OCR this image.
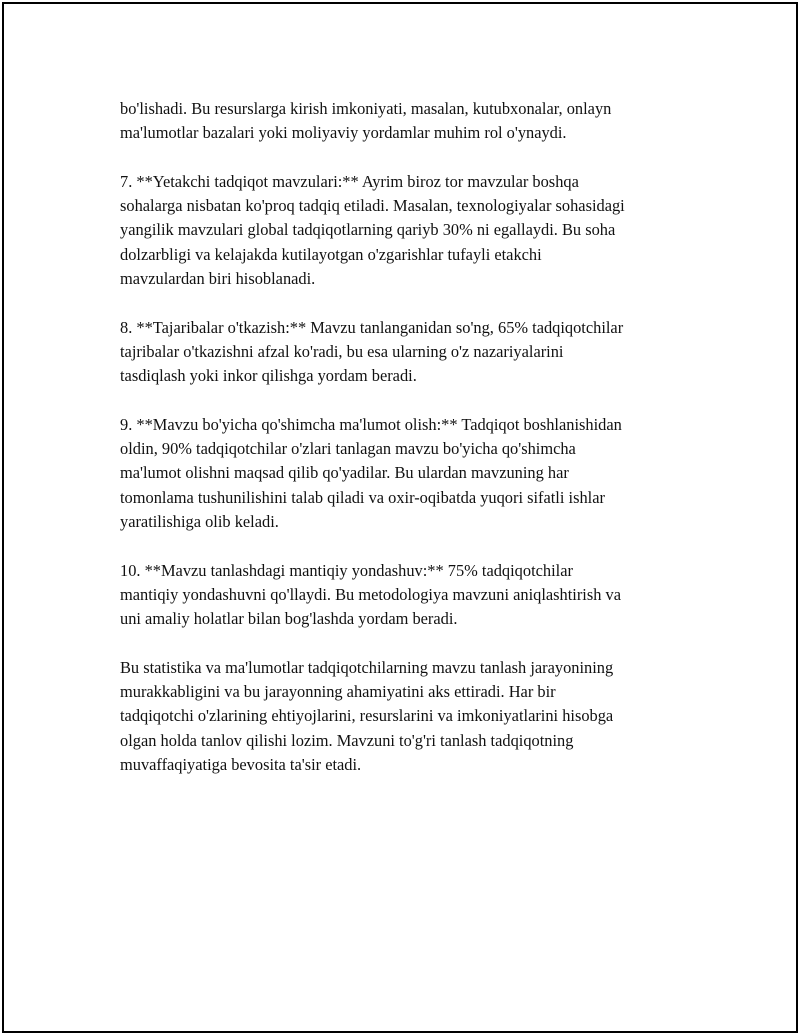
bo'lishadi. Bu resurslarga kirish imkoniyati, masalan, kutubxonalar, onlayn
ma'lumotlar bazalari yoki moliyaviy yordamlar muhim rol o'ynaydi.

7. **Yetakchi tadqiqot mavzulari:** Ayrim biroz tor mavzular boshqa
sohalarga nisbatan ko'proq tadqiq etiladi. Masalan, texnologiyalar sohasidagi
yangilik mavzulari global tadqiqotlarning qariyb 30% ni egallaydi. Bu soha
dolzarbligi va kelajakda kutilayotgan o'zgarishlar tufayli etakchi
mavzulardan biri hisoblanadi.

8. **Tajaribalar o'tkazish:** Mavzu tanlanganidan so'ng, 65% tadqiqotchilar
tajribalar o'tkazishni afzal ko'radi, bu esa ularning o'z nazariyalarini
tasdiqlash yoki inkor qilishga yordam beradi.

9. **Mavzu bo'yicha qo'shimcha ma'lumot olish:** Tadqiqot boshlanishidan
oldin, 90% tadqiqotchilar o'zlari tanlagan mavzu bo'yicha qo'shimcha
ma'lumot olishni maqsad qilib qo'yadilar. Bu ulardan mavzuning har
tomonlama tushunilishini talab qiladi va oxir-oqibatda yuqori sifatli ishlar
yaratilishiga olib keladi.

10. **Mavzu tanlashdagi mantiqiy yondashuv:** 75% tadqiqotchilar
mantiqiy yondashuvni qo'llaydi. Bu metodologiya mavzuni aniqlashtirish va
uni amaliy holatlar bilan bog'lashda yordam beradi.

Bu statistika va ma'lumotlar tadqiqotchilarning mavzu tanlash jarayonining
murakkabligini va bu jarayonning ahamiyatini aks ettiradi. Har bir
tadqiqotchi o'zlarining ehtiyojlarini, resurslarini va imkoniyatlarini hisobga
olgan holda tanlov qilishi lozim. Mavzuni to'g'ri tanlash tadqiqotning
muvaffaqiyatiga bevosita ta'sir etadi.
